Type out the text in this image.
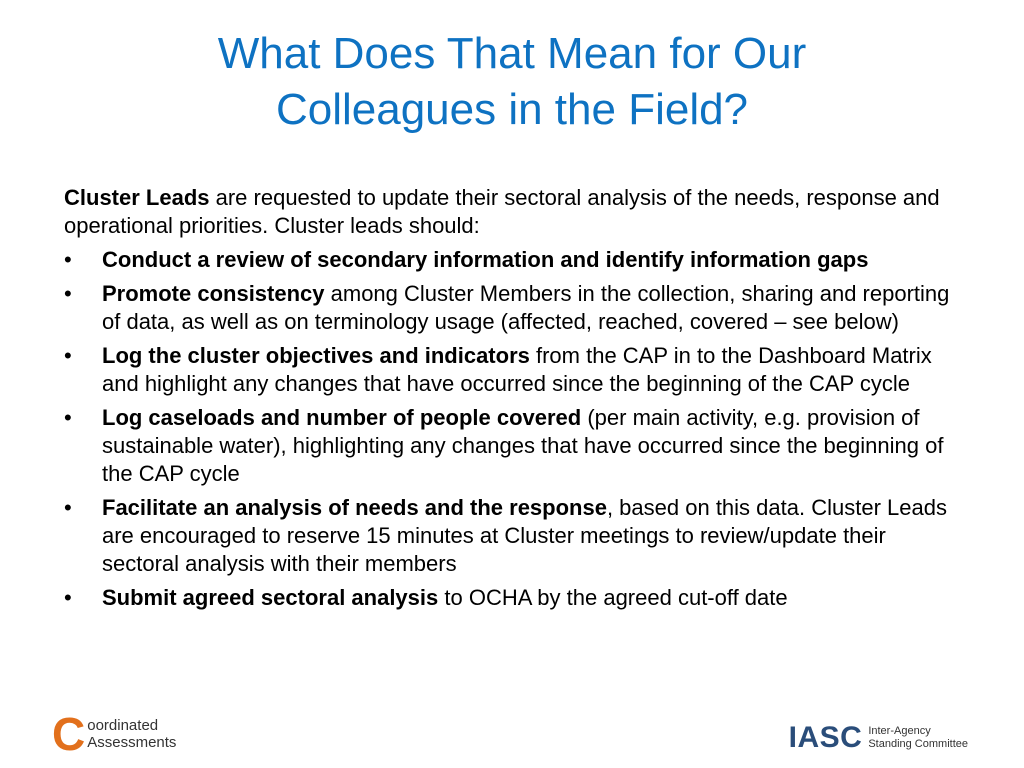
What Does That Mean for Our
Colleagues in the Field?

Cluster Leads are requested to update their sectoral analysis of the needs, response and operational priorities. Cluster leads should:

• Conduct a review of secondary information and identify information gaps
• Promote consistency among Cluster Members in the collection, sharing and reporting of data, as well as on terminology usage (affected, reached, covered – see below)
• Log the cluster objectives and indicators from the CAP in to the Dashboard Matrix and highlight any changes that have occurred since the beginning of the CAP cycle
• Log caseloads and number of people covered (per main activity, e.g. provision of sustainable water), highlighting any changes that have occurred since the beginning of the CAP cycle
• Facilitate an analysis of needs and the response, based on this data. Cluster Leads are encouraged to reserve 15 minutes at Cluster meetings to review/update their sectoral analysis with their members
• Submit agreed sectoral analysis to OCHA by the agreed cut-off date
C oordinated
Assessments	IASC Inter-Agency
Standing Committee
